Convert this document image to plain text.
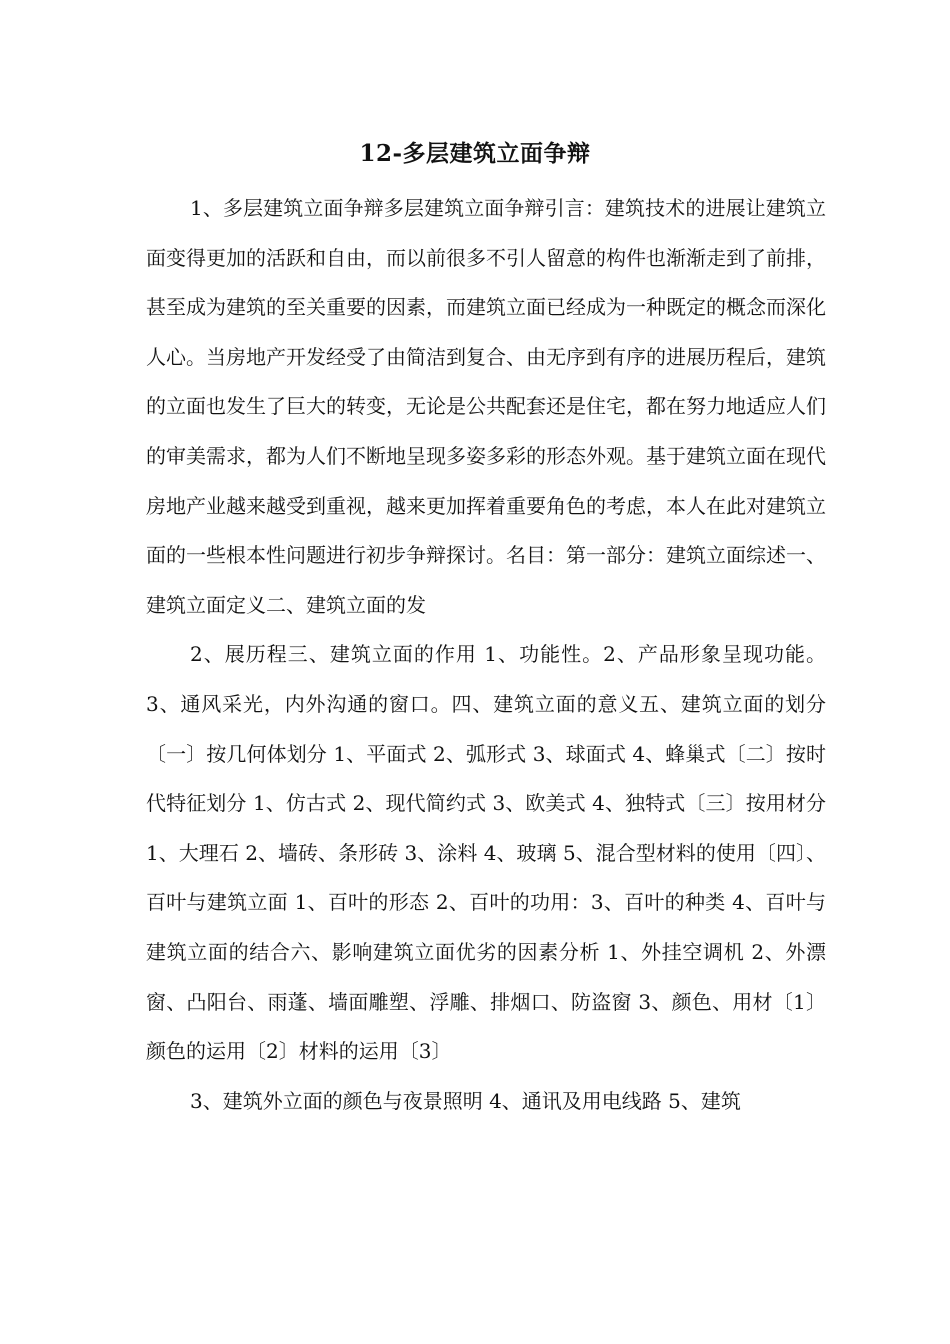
12-多层建筑立面争辩

1、多层建筑立面争辩多层建筑立面争辩引言：建筑技术的进展让建筑立面变得更加的活跃和自由，而以前很多不引人留意的构件也渐渐走到了前排，甚至成为建筑的至关重要的因素，而建筑立面已经成为一种既定的概念而深化人心。当房地产开发经受了由简洁到复合、由无序到有序的进展历程后，建筑的立面也发生了巨大的转变，无论是公共配套还是住宅，都在努力地适应人们的审美需求，都为人们不断地呈现多姿多彩的形态外观。基于建筑立面在现代房地产业越来越受到重视，越来更加挥着重要角色的考虑，本人在此对建筑立面的一些根本性问题进行初步争辩探讨。名目：第一部分：建筑立面综述一、建筑立面定义二、建筑立面的发

2、展历程三、建筑立面的作用 1、功能性。2、产品形象呈现功能。3、通风采光，内外沟通的窗口。四、建筑立面的意义五、建筑立面的划分〔一〕按几何体划分 1、平面式 2、弧形式 3、球面式 4、蜂巢式〔二〕按时代特征划分 1、仿古式 2、现代简约式 3、欧美式 4、独特式〔三〕按用材分 1、大理石 2、墙砖、条形砖 3、涂料 4、玻璃 5、混合型材料的使用〔四〕、百叶与建筑立面 1、百叶的形态 2、百叶的功用：3、百叶的种类 4、百叶与建筑立面的结合六、影响建筑立面优劣的因素分析 1、外挂空调机 2、外漂窗、凸阳台、雨蓬、墙面雕塑、浮雕、排烟口、防盗窗 3、颜色、用材〔1〕颜色的运用〔2〕材料的运用〔3〕

3、建筑外立面的颜色与夜景照明 4、通讯及用电线路 5、建筑
